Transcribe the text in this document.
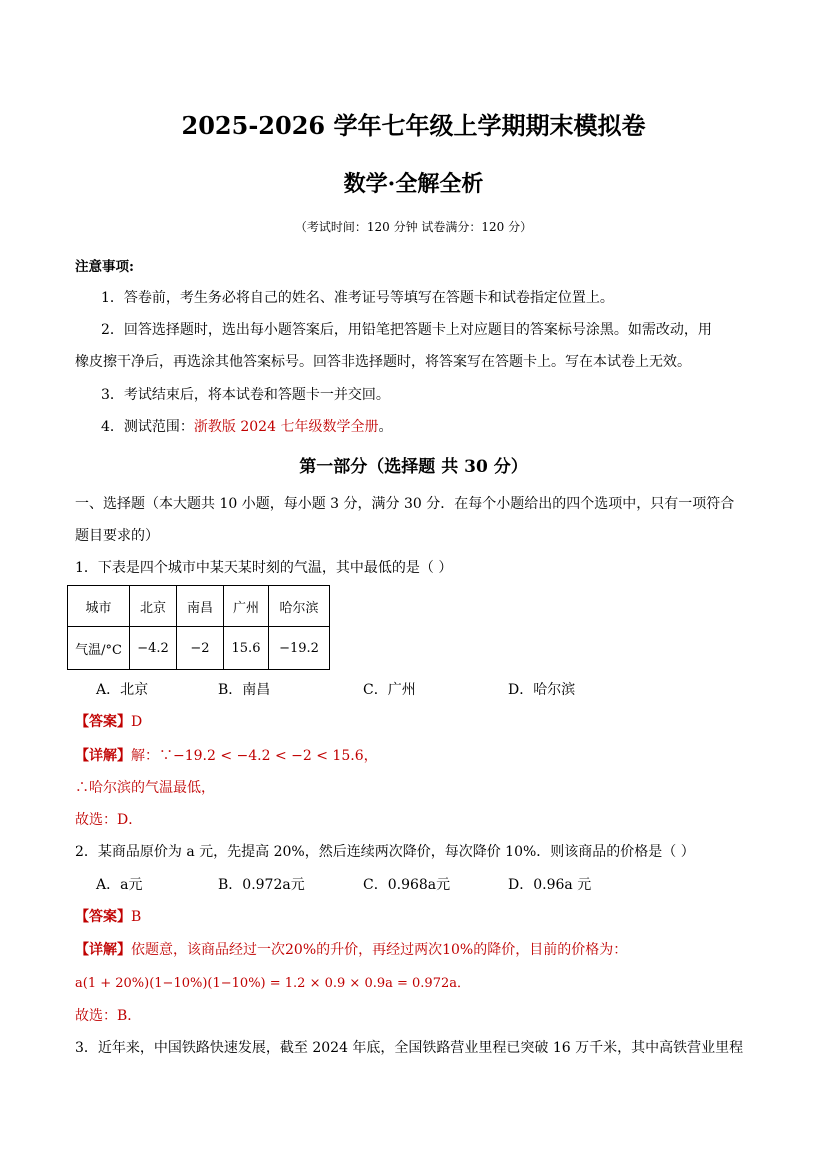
2025-2026 学年七年级上学期期末模拟卷
数学·全解全析
（考试时间：120 分钟 试卷满分：120 分）
注意事项:
1．答卷前，考生务必将自己的姓名、准考证号等填写在答题卡和试卷指定位置上。
2．回答选择题时，选出每小题答案后，用铅笔把答题卡上对应题目的答案标号涂黑。如需改动，用
橡皮擦干净后，再选涂其他答案标号。回答非选择题时，将答案写在答题卡上。写在本试卷上无效。
3．考试结束后，将本试卷和答题卡一并交回。
4．测试范围：浙教版 2024 七年级数学全册。
第一部分（选择题 共 30 分）
一、选择题（本大题共 10 小题，每小题 3 分，满分 30 分．在每个小题给出的四个选项中，只有一项符合
题目要求的）
1．下表是四个城市中某天某时刻的气温，其中最低的是（ ）
城市	北京	南昌	广州	哈尔滨
气温/°C	−4.2	−2	15.6	−19.2
A．北京	B．南昌	C．广州	D．哈尔滨
【答案】D
【详解】解：∵−19.2 < −4.2 < −2 < 15.6，
∴哈尔滨的气温最低，
故选：D．
2．某商品原价为 a 元，先提高 20%，然后连续两次降价，每次降价 10%．则该商品的价格是（ ）
A．a元	B．0.972a元	C．0.968a元	D．0.96a 元
【答案】B
【详解】依题意，该商品经过一次20%的升价，再经过两次10%的降价，目前的价格为：
a(1 + 20%)(1−10%)(1−10%) = 1.2 × 0.9 × 0.9a = 0.972a．
故选：B．
3．近年来，中国铁路快速发展，截至 2024 年底，全国铁路营业里程已突破 16 万千米，其中高铁营业里程
